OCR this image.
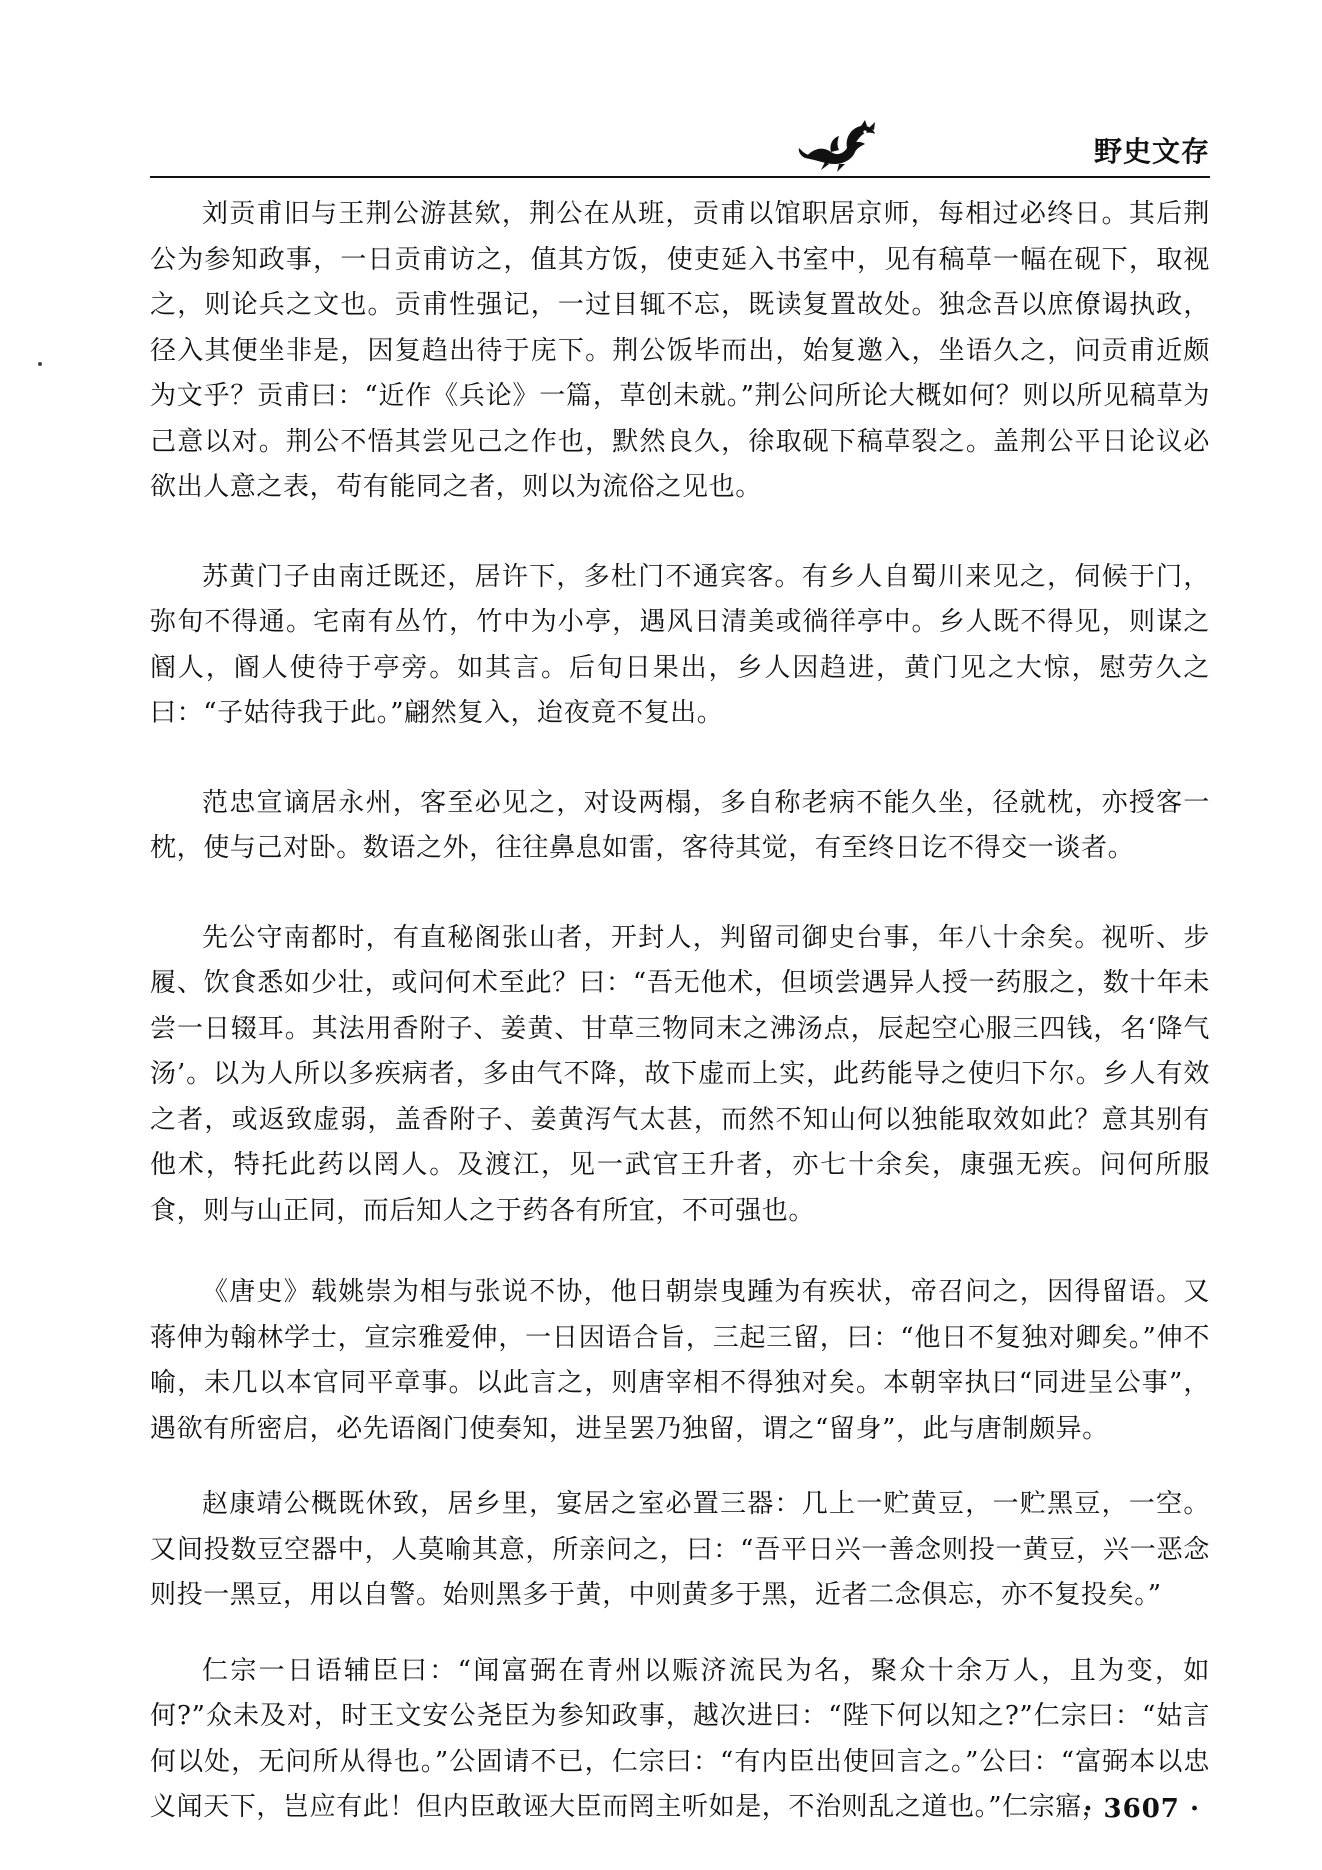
野史文存

刘贡甫旧与王荆公游甚欸，荆公在从班，贡甫以馆职居京师，每相过必终日。其后荆公为参知政事，一日贡甫访之，值其方饭，使吏延入书室中，见有稿草一幅在砚下，取视之，则论兵之文也。贡甫性强记，一过目辄不忘，既读复置故处。独念吾以庶僚谒执政，径入其便坐非是，因复趋出待于庑下。荆公饭毕而出，始复邀入，坐语久之，问贡甫近颇为文乎？贡甫曰：“近作《兵论》一篇，草创未就。”荆公问所论大概如何？则以所见稿草为己意以对。荆公不悟其尝见己之作也，默然良久，徐取砚下稿草裂之。盖荆公平日论议必欲出人意之表，苟有能同之者，则以为流俗之见也。

苏黄门子由南迁既还，居许下，多杜门不通宾客。有乡人自蜀川来见之，伺候于门，弥旬不得通。宅南有丛竹，竹中为小亭，遇风日清美或徜徉亭中。乡人既不得见，则谋之阍人，阍人使待于亭旁。如其言。后旬日果出，乡人因趋进，黄门见之大惊，慰劳久之曰：“子姑待我于此。”翩然复入，迨夜竟不复出。

范忠宣谪居永州，客至必见之，对设两榻，多自称老病不能久坐，径就枕，亦授客一枕，使与己对卧。数语之外，往往鼻息如雷，客待其觉，有至终日讫不得交一谈者。

先公守南都时，有直秘阁张山者，开封人，判留司御史台事，年八十余矣。视听、步履、饮食悉如少壮，或问何术至此？曰：“吾无他术，但顷尝遇异人授一药服之，数十年未尝一日辍耳。其法用香附子、姜黄、甘草三物同末之沸汤点，辰起空心服三四钱，名‘降气汤’。以为人所以多疾病者，多由气不降，故下虚而上实，此药能导之使归下尔。乡人有效之者，或返致虚弱，盖香附子、姜黄泻气太甚，而然不知山何以独能取效如此？意其别有他术，特托此药以罔人。及渡江，见一武官王升者，亦七十余矣，康强无疾。问何所服食，则与山正同，而后知人之于药各有所宜，不可强也。

《唐史》载姚崇为相与张说不协，他日朝崇曳踵为有疾状，帝召问之，因得留语。又蒋伸为翰林学士，宣宗雅爱伸，一日因语合旨，三起三留，曰：“他日不复独对卿矣。”伸不喻，未几以本官同平章事。以此言之，则唐宰相不得独对矣。本朝宰执曰“同进呈公事”，遇欲有所密启，必先语阁门使奏知，进呈罢乃独留，谓之“留身”，此与唐制颇异。

赵康靖公概既休致，居乡里，宴居之室必置三器：几上一贮黄豆，一贮黑豆，一空。又间投数豆空器中，人莫喻其意，所亲问之，曰：“吾平日兴一善念则投一黄豆，兴一恶念则投一黑豆，用以自警。始则黑多于黄，中则黄多于黑，近者二念俱忘，亦不复投矣。”

仁宗一日语辅臣曰：“闻富弼在青州以赈济流民为名，聚众十余万人，且为变，如何?”众未及对，时王文安公尧臣为参知政事，越次进曰：“陛下何以知之?”仁宗曰：“姑言何以处，无问所从得也。”公固请不已，仁宗曰：“有内臣出使回言之。”公曰：“富弼本以忠义闻天下，岂应有此！但内臣敢诬大臣而罔主听如是，不治则乱之道也。”仁宗寤，

· 3607 ·
